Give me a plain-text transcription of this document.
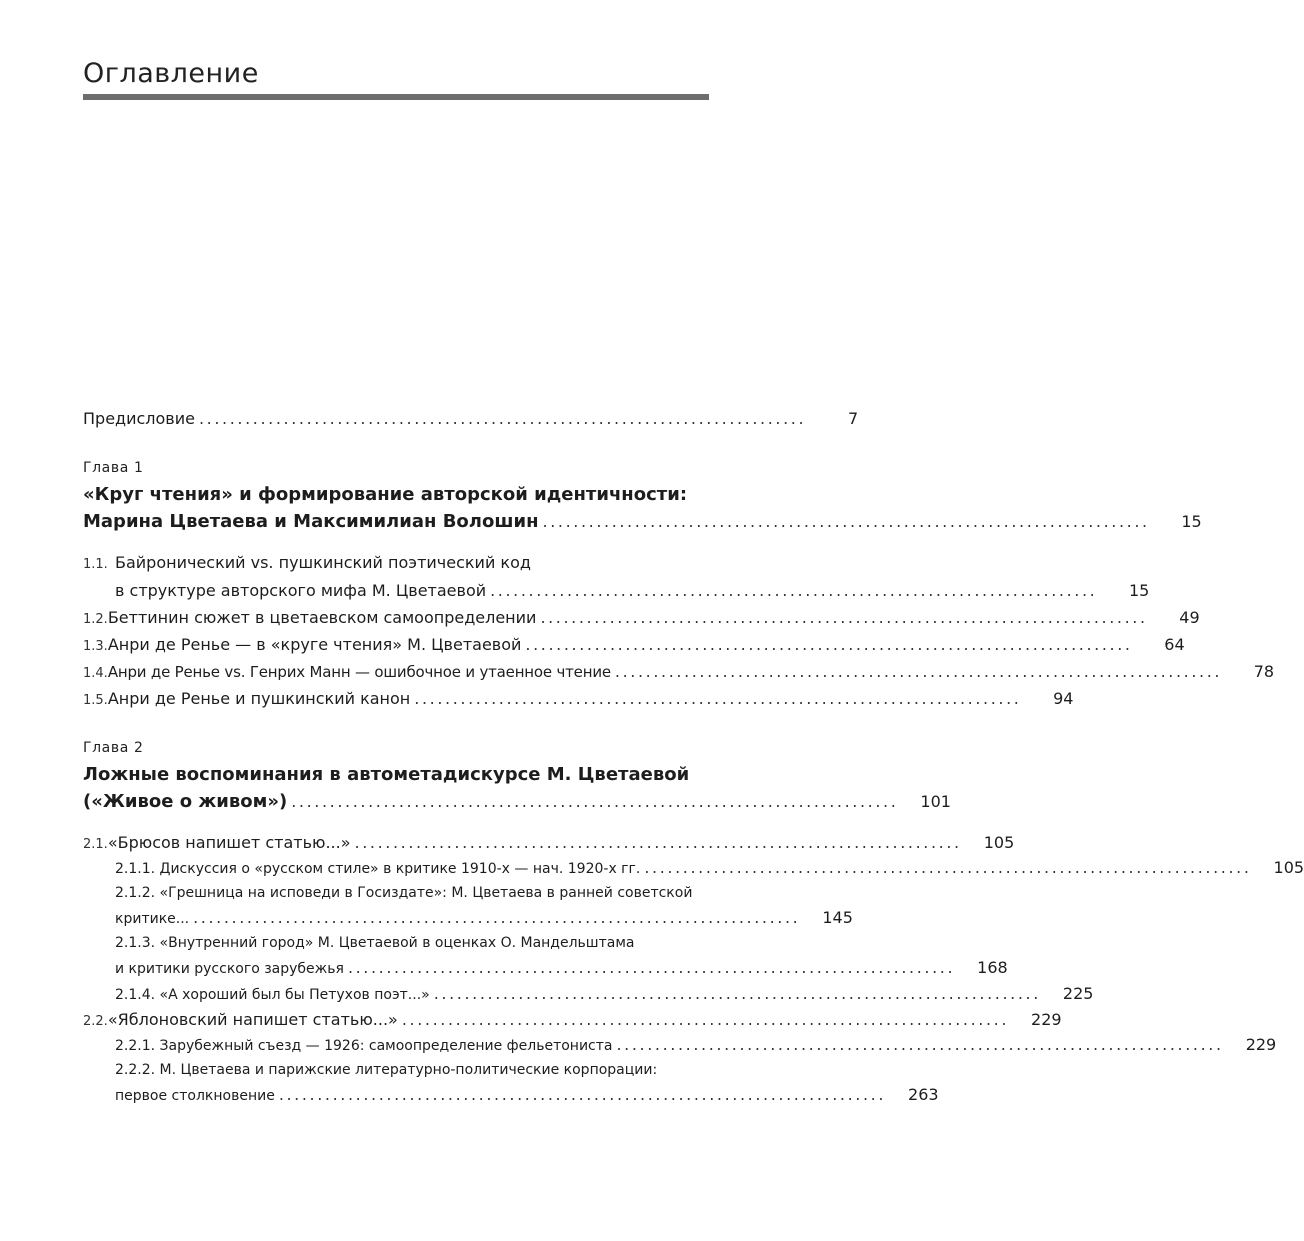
Оглавление
Предисловие ...............................................................................	7
Глава 1
«Круг чтения» и формирование авторской идентичности:
Марина Цветаева и Максимилиан Волошин ...............................................................................	15
1.1. Байронический vs. пушкинский поэтический код
в структуре авторского мифа М. Цветаевой ...............................................................................	15
1.2. Беттинин сюжет в цветаевском самоопределении ...............................................................................	49
1.3. Анри де Ренье — в «круге чтения» М. Цветаевой ...............................................................................	64
1.4. Анри де Ренье vs. Генрих Манн — ошибочное и утаенное чтение ...............................................................................	78
1.5. Анри де Ренье и пушкинский канон ...............................................................................	94
Глава 2
Ложные воспоминания в автометадискурсе М. Цветаевой
(«Живое о живом») ............................................................................... 101
2.1. «Брюсов напишет статью...» ............................................................................... 105
2.1.1. Дискуссия о «русском стиле» в критике 1910-х — нач. 1920-х гг. ............................................................................... 105
2.1.2. «Грешница на исповеди в Госиздате»: М. Цветаева в ранней советской
критике... ............................................................................... 145
2.1.3. «Внутренний город» М. Цветаевой в оценках О. Мандельштама
и критики русского зарубежья ............................................................................... 168
2.1.4. «А хороший был бы Петухов поэт...» ............................................................................... 225
2.2. «Яблоновский напишет статью...» ............................................................................... 229
2.2.1. Зарубежный съезд — 1926: самоопределение фельетониста ............................................................................... 229
2.2.2. М. Цветаева и парижские литературно-политические корпорации:
первое столкновение ............................................................................... 263
